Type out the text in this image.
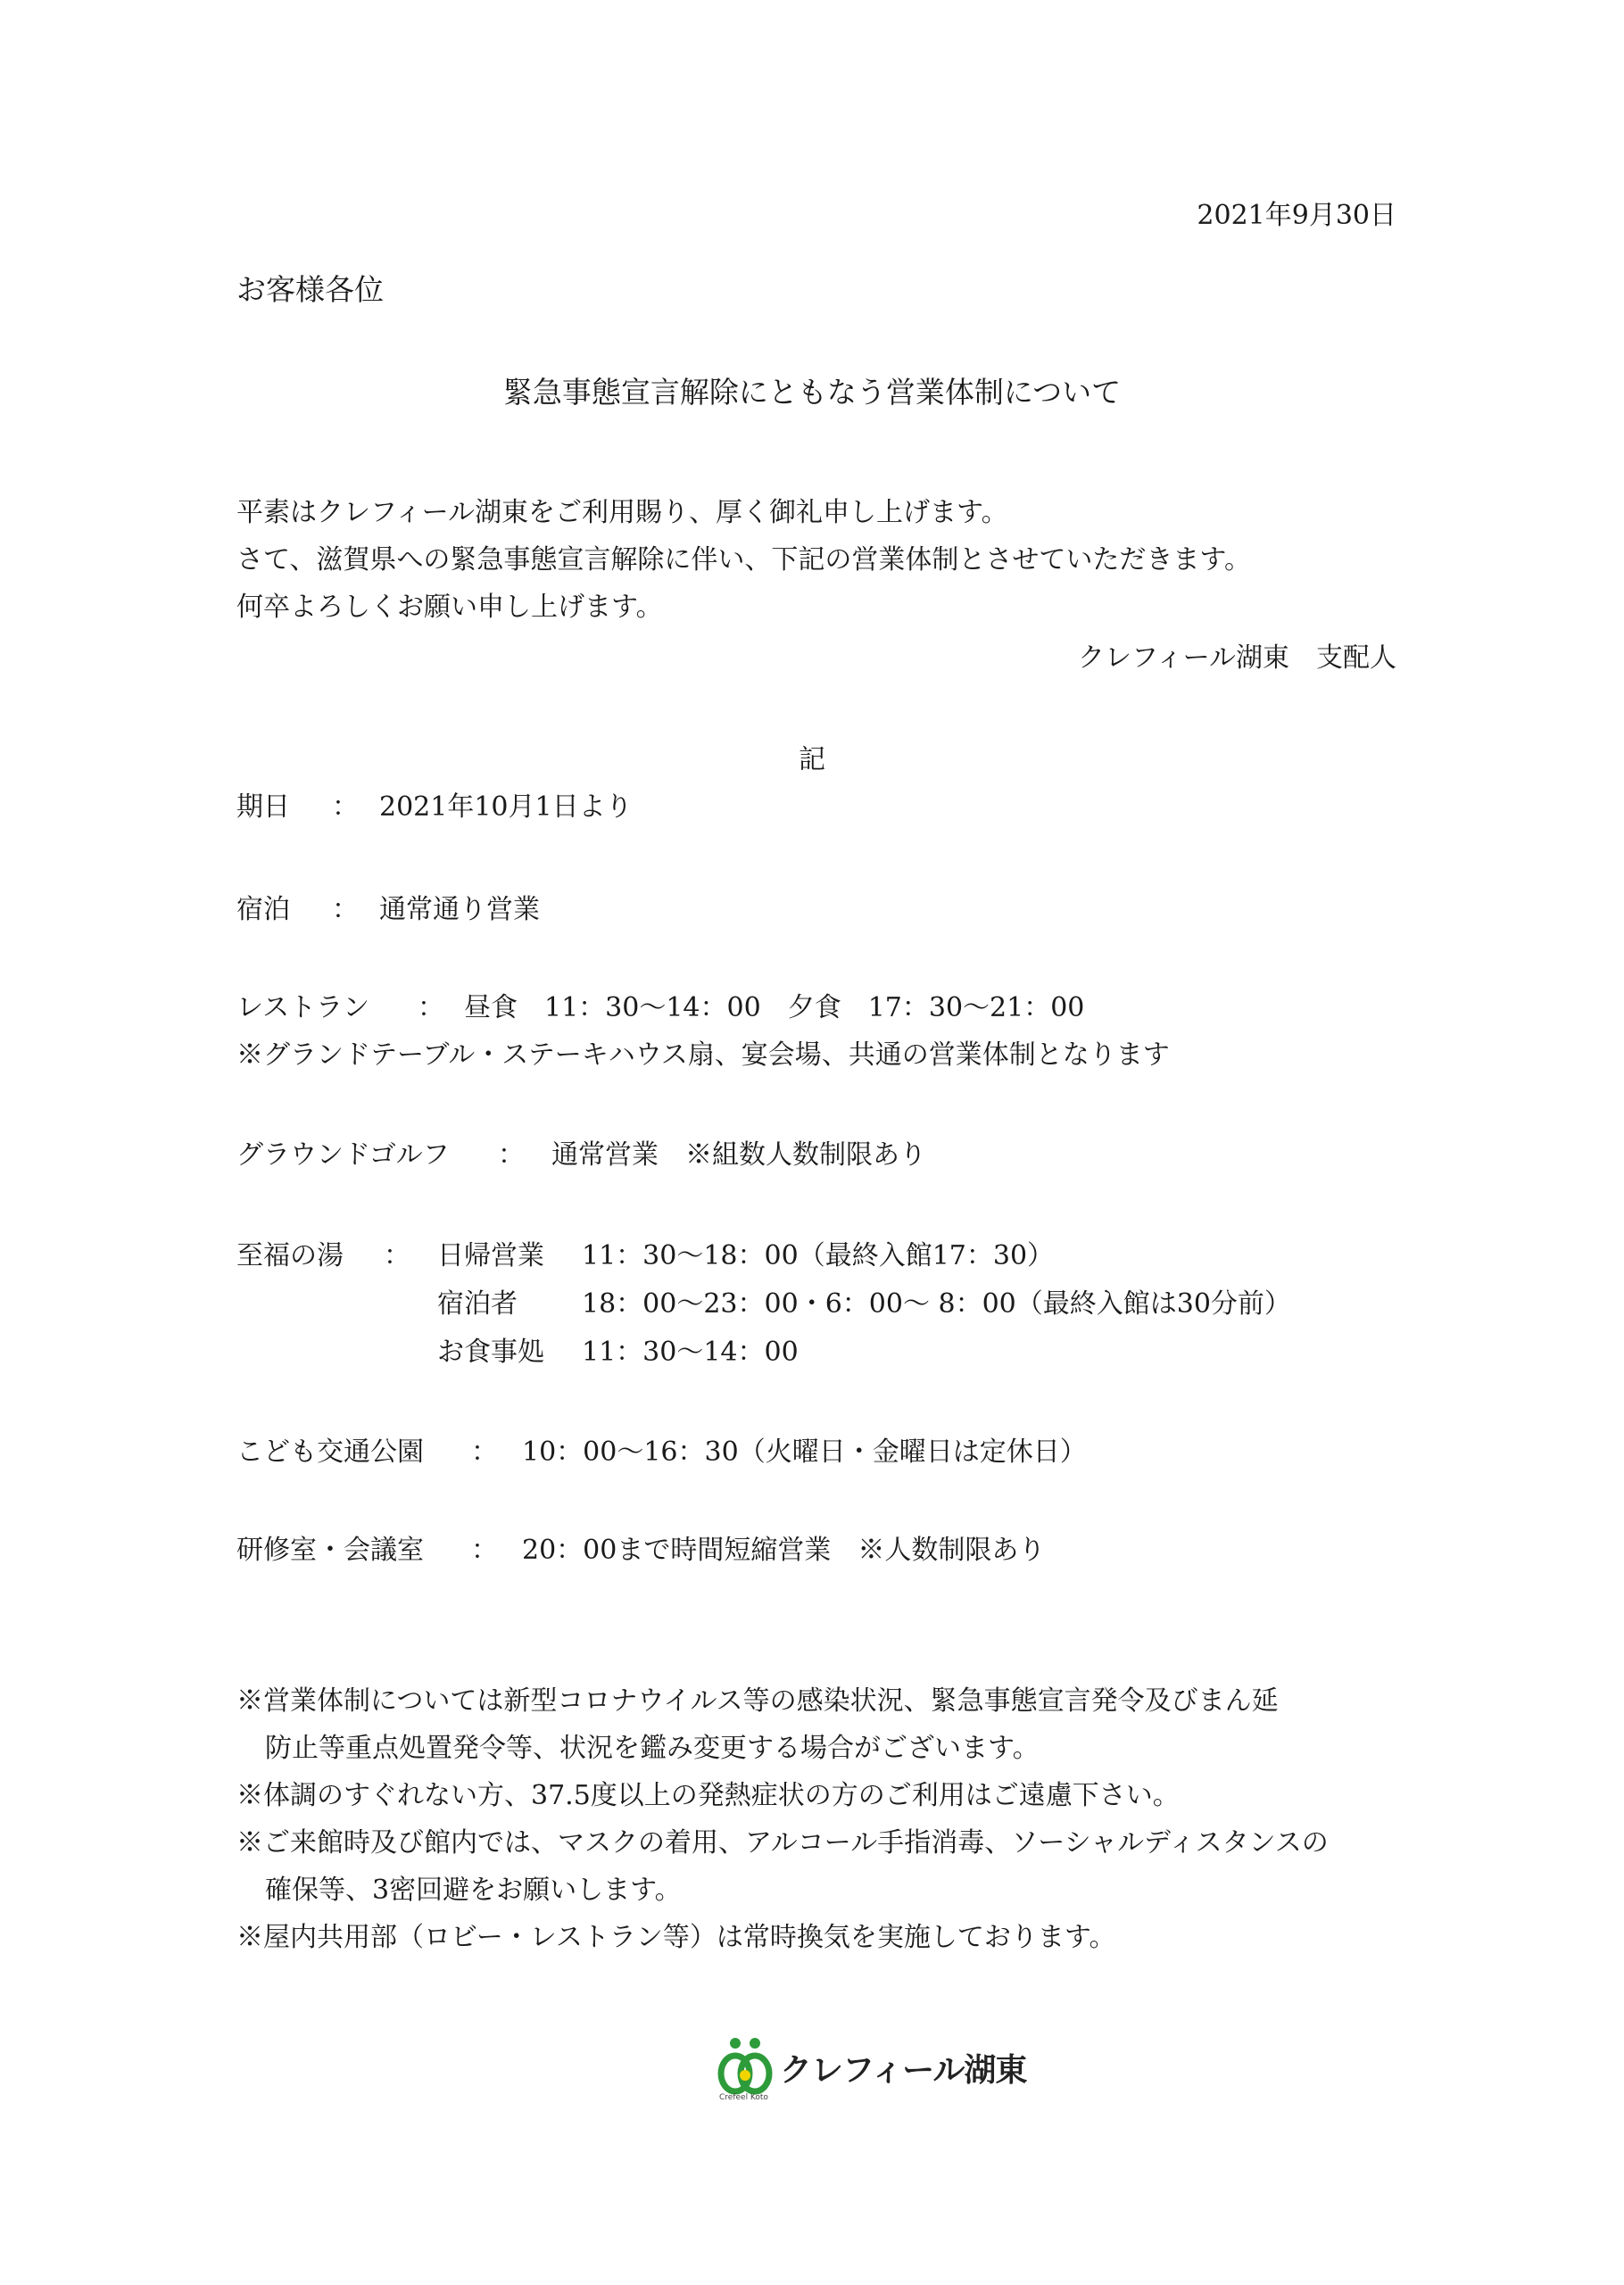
2021年9月30日
お客様各位
緊急事態宣言解除にともなう営業体制について
平素はクレフィール湖東をご利用賜り、厚く御礼申し上げます。
さて、滋賀県への緊急事態宣言解除に伴い、下記の営業体制とさせていただきます。
何卒よろしくお願い申し上げます。
クレフィール湖東　支配人
記
期日 ： 2021年10月1日より
宿泊 ： 通常通り営業
レストラン ： 昼食　11：30〜14：00　夕食　17：30〜21：00
※グランドテーブル・ステーキハウス扇、宴会場、共通の営業体制となります
グラウンドゴルフ ： 通常営業　※組数人数制限あり
至福の湯 ： 日帰営業 11：30〜18：00（最終入館17：30）
宿泊者 18：00〜23：00・6：00〜 8：00（最終入館は30分前）
お食事処 11：30〜14：00
こども交通公園 ： 10：00〜16：30（火曜日・金曜日は定休日）
研修室・会議室 ： 20：00まで時間短縮営業　※人数制限あり
※営業体制については新型コロナウイルス等の感染状況、緊急事態宣言発令及びまん延
防止等重点処置発令等、状況を鑑み変更する場合がございます。
※体調のすぐれない方、37.5度以上の発熱症状の方のご利用はご遠慮下さい。
※ご来館時及び館内では、マスクの着用、アルコール手指消毒、ソーシャルディスタンスの
確保等、3密回避をお願いします。
※屋内共用部（ロビー・レストラン等）は常時換気を実施しております。
クレフィール湖東
Crefeel Koto
